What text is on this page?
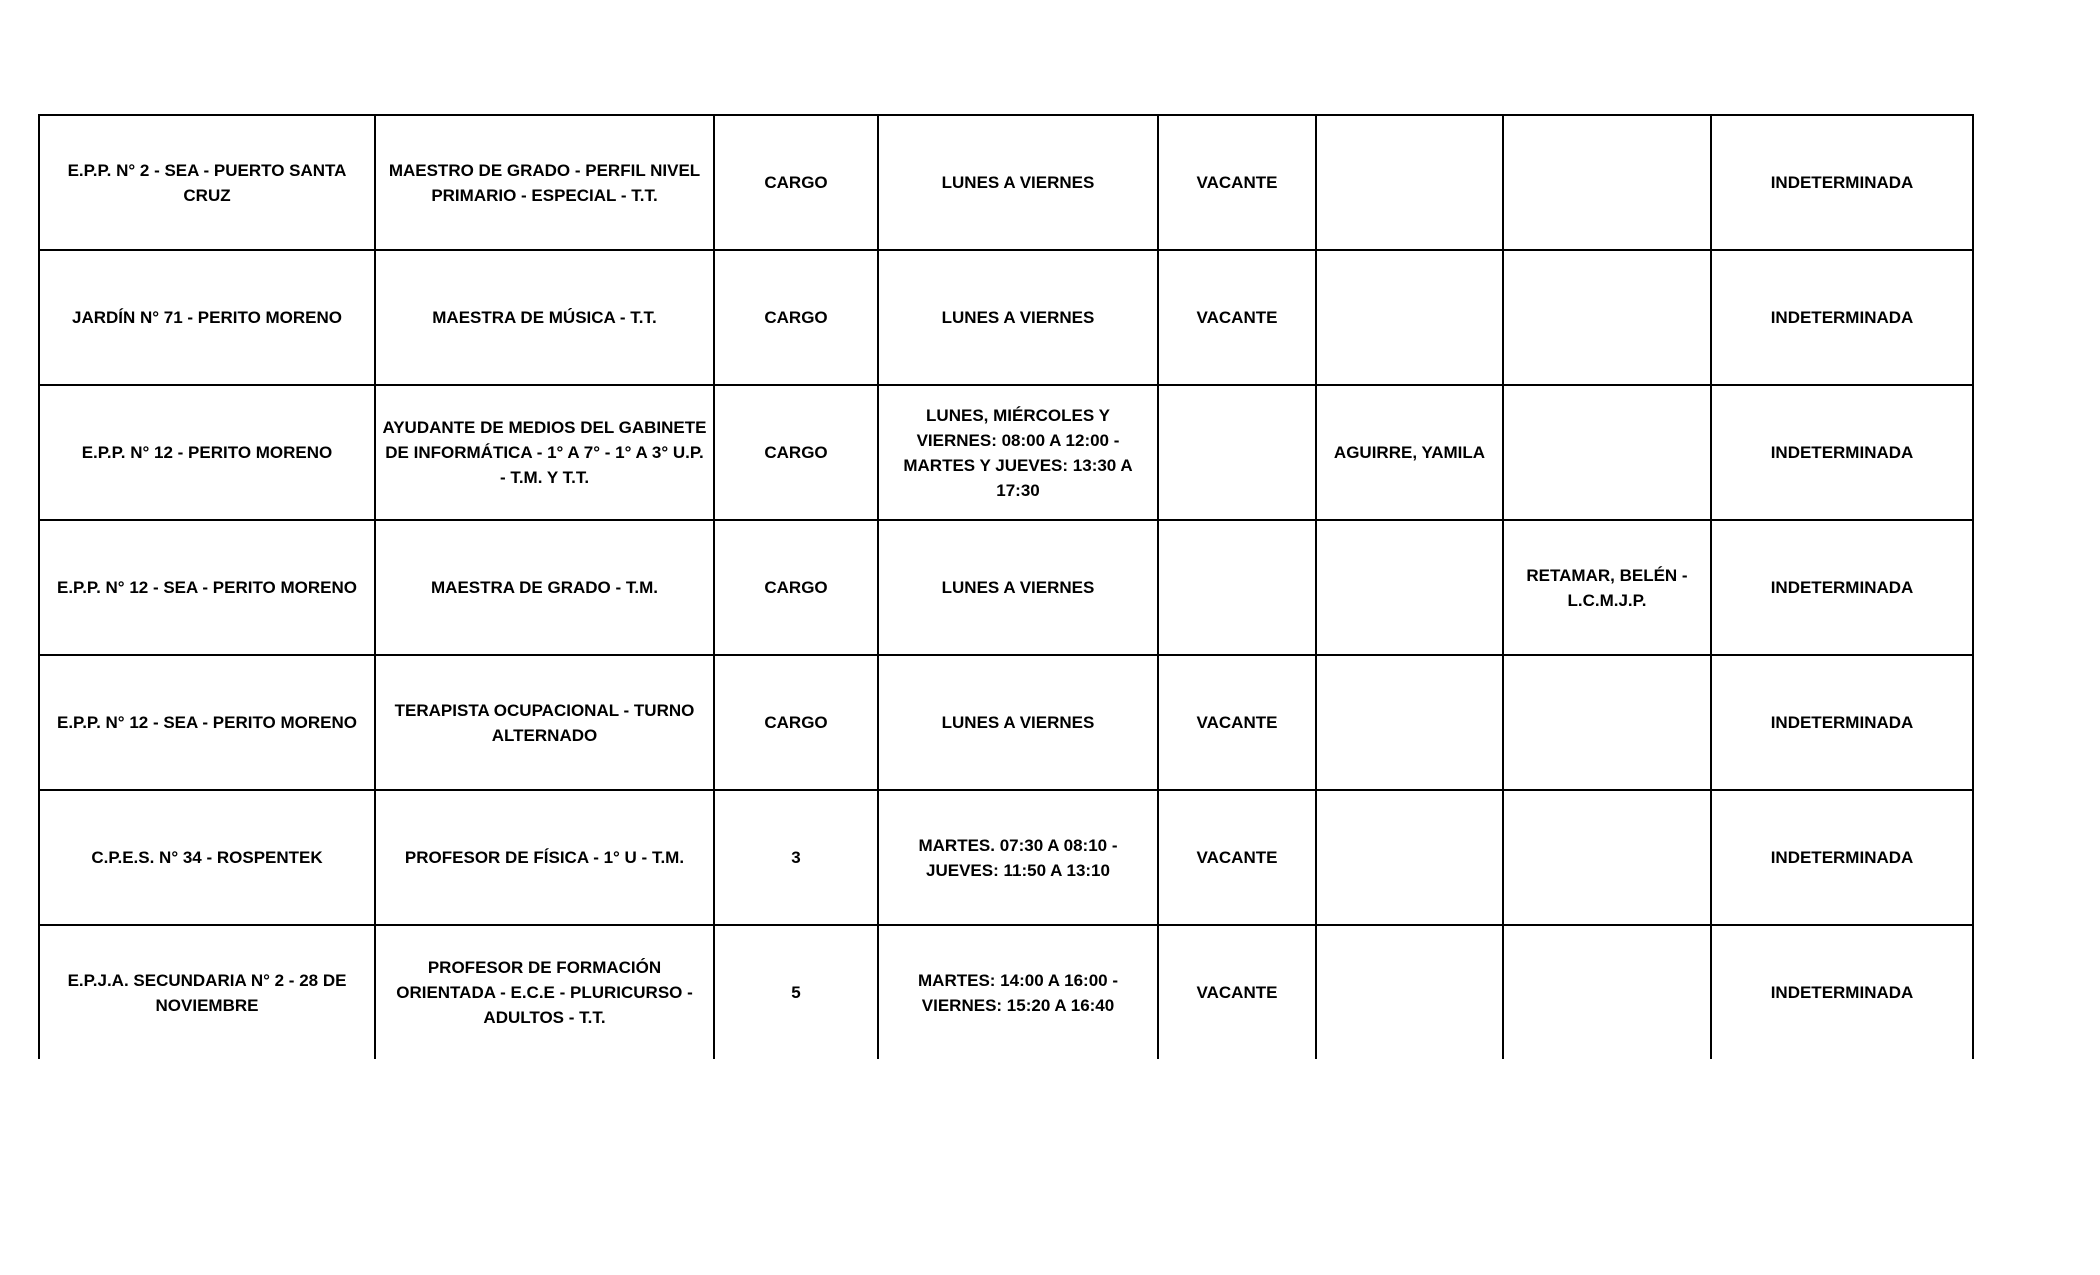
E.P.P. N° 2 - SEA - PUERTO SANTA CRUZ	MAESTRO DE GRADO - PERFIL NIVEL PRIMARIO - ESPECIAL - T.T.	CARGO	LUNES A VIERNES	VACANTE			INDETERMINADA
JARDÍN N° 71 - PERITO MORENO	MAESTRA DE MÚSICA - T.T.	CARGO	LUNES A VIERNES	VACANTE			INDETERMINADA
E.P.P. N° 12 - PERITO MORENO	AYUDANTE DE MEDIOS DEL GABINETE DE INFORMÁTICA - 1° A 7° - 1° A 3° U.P. - T.M. Y T.T.	CARGO	LUNES, MIÉRCOLES Y VIERNES: 08:00 A 12:00 - MARTES Y JUEVES: 13:30 A 17:30		AGUIRRE, YAMILA		INDETERMINADA
E.P.P. N° 12 - SEA - PERITO MORENO	MAESTRA DE GRADO - T.M.	CARGO	LUNES A VIERNES			RETAMAR, BELÉN - L.C.M.J.P.	INDETERMINADA
E.P.P. N° 12 - SEA - PERITO MORENO	TERAPISTA OCUPACIONAL - TURNO ALTERNADO	CARGO	LUNES A VIERNES	VACANTE			INDETERMINADA
C.P.E.S. N° 34 - ROSPENTEK	PROFESOR DE FÍSICA - 1° U - T.M.	3	MARTES. 07:30 A 08:10 - JUEVES: 11:50 A 13:10	VACANTE			INDETERMINADA
E.P.J.A. SECUNDARIA N° 2 - 28 DE NOVIEMBRE	PROFESOR DE FORMACIÓN ORIENTADA - E.C.E - PLURICURSO - ADULTOS - T.T.	5	MARTES: 14:00 A 16:00 - VIERNES: 15:20 A 16:40	VACANTE			INDETERMINADA
